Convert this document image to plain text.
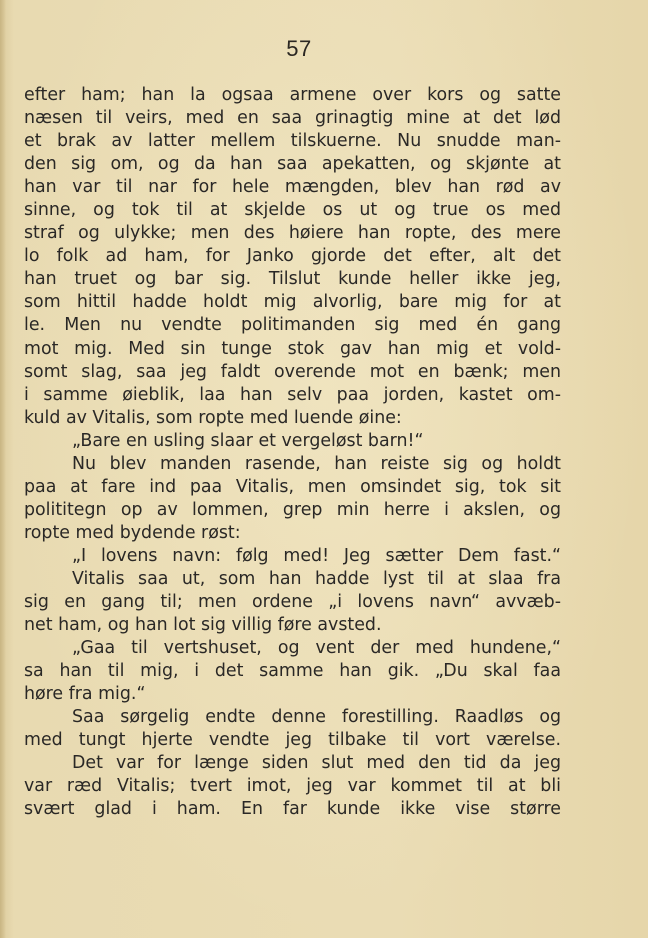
57
efter ham; han la ogsaa armene over kors og satte
næsen til veirs, med en saa grinagtig mine at det lød
et brak av latter mellem tilskuerne. Nu snudde man-
den sig om, og da han saa apekatten, og skjønte at
han var til nar for hele mængden, blev han rød av
sinne, og tok til at skjelde os ut og true os med
straf og ulykke; men des høiere han ropte, des mere
lo folk ad ham, for Janko gjorde det efter, alt det
han truet og bar sig. Tilslut kunde heller ikke jeg,
som hittil hadde holdt mig alvorlig, bare mig for at
le. Men nu vendte politimanden sig med én gang
mot mig. Med sin tunge stok gav han mig et vold-
somt slag, saa jeg faldt overende mot en bænk; men
i samme øieblik, laa han selv paa jorden, kastet om-
kuld av Vitalis, som ropte med luende øine:
„Bare en usling slaar et vergeløst barn!“
Nu blev manden rasende, han reiste sig og holdt
paa at fare ind paa Vitalis, men omsindet sig, tok sit
polititegn op av lommen, grep min herre i akslen, og
ropte med bydende røst:
„I lovens navn: følg med! Jeg sætter Dem fast.“
Vitalis saa ut, som han hadde lyst til at slaa fra
sig en gang til; men ordene „i lovens navn“ avvæb-
net ham, og han lot sig villig føre avsted.
„Gaa til vertshuset, og vent der med hundene,“
sa han til mig, i det samme han gik. „Du skal faa
høre fra mig.“
Saa sørgelig endte denne forestilling. Raadløs og
med tungt hjerte vendte jeg tilbake til vort værelse.
Det var for længe siden slut med den tid da jeg
var ræd Vitalis; tvert imot, jeg var kommet til at bli
svært glad i ham. En far kunde ikke vise større
